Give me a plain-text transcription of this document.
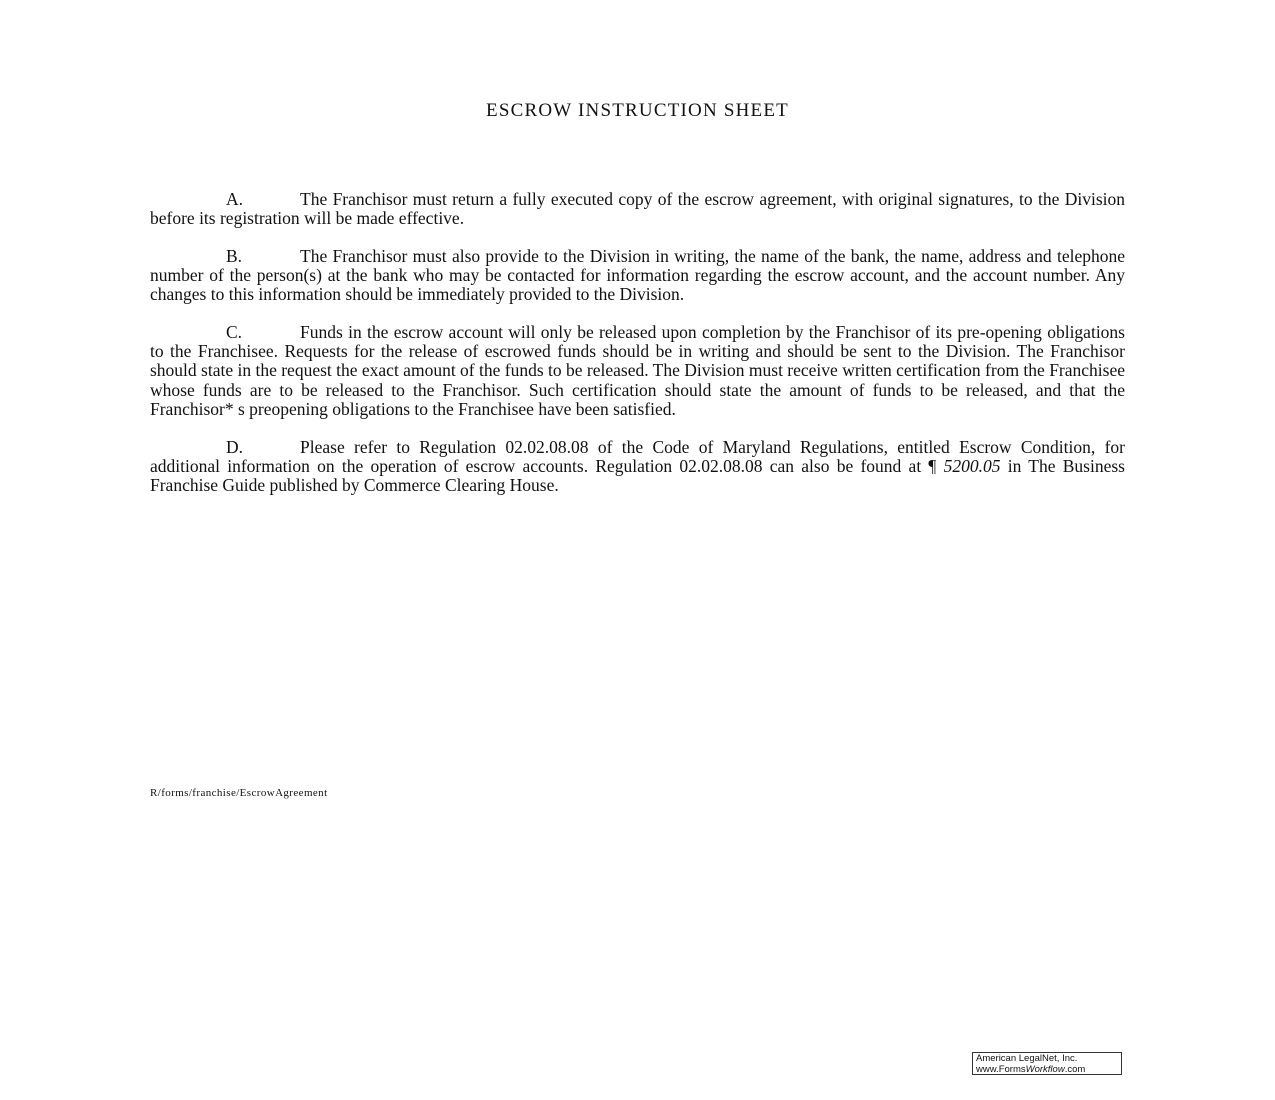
ESCROW INSTRUCTION SHEET

A.	The Franchisor must return a fully executed copy of the escrow agreement, with original signatures, to the Division before its registration will be made effective.

B.	The Franchisor must also provide to the Division in writing, the name of the bank, the name, address and telephone number of the person(s) at the bank who may be contacted for information regarding the escrow account, and the account number. Any changes to this information should be immediately provided to the Division.

C.	Funds in the escrow account will only be released upon completion by the Franchisor of its pre-opening obligations to the Franchisee. Requests for the release of escrowed funds should be in writing and should be sent to the Division. The Franchisor should state in the request the exact amount of the funds to be released. The Division must receive written certification from the Franchisee whose funds are to be released to the Franchisor. Such certification should state the amount of funds to be released, and that the Franchisor* s preopening obligations to the Franchisee have been satisfied.

D.	Please refer to Regulation 02.02.08.08 of the Code of Maryland Regulations, entitled Escrow Condition, for additional information on the operation of escrow accounts. Regulation 02.02.08.08 can also be found at ¶ 5200.05 in The Business Franchise Guide published by Commerce Clearing House.

R/forms/franchise/EscrowAgreement

American LegalNet, Inc.
www.FormsWorkflow.com
